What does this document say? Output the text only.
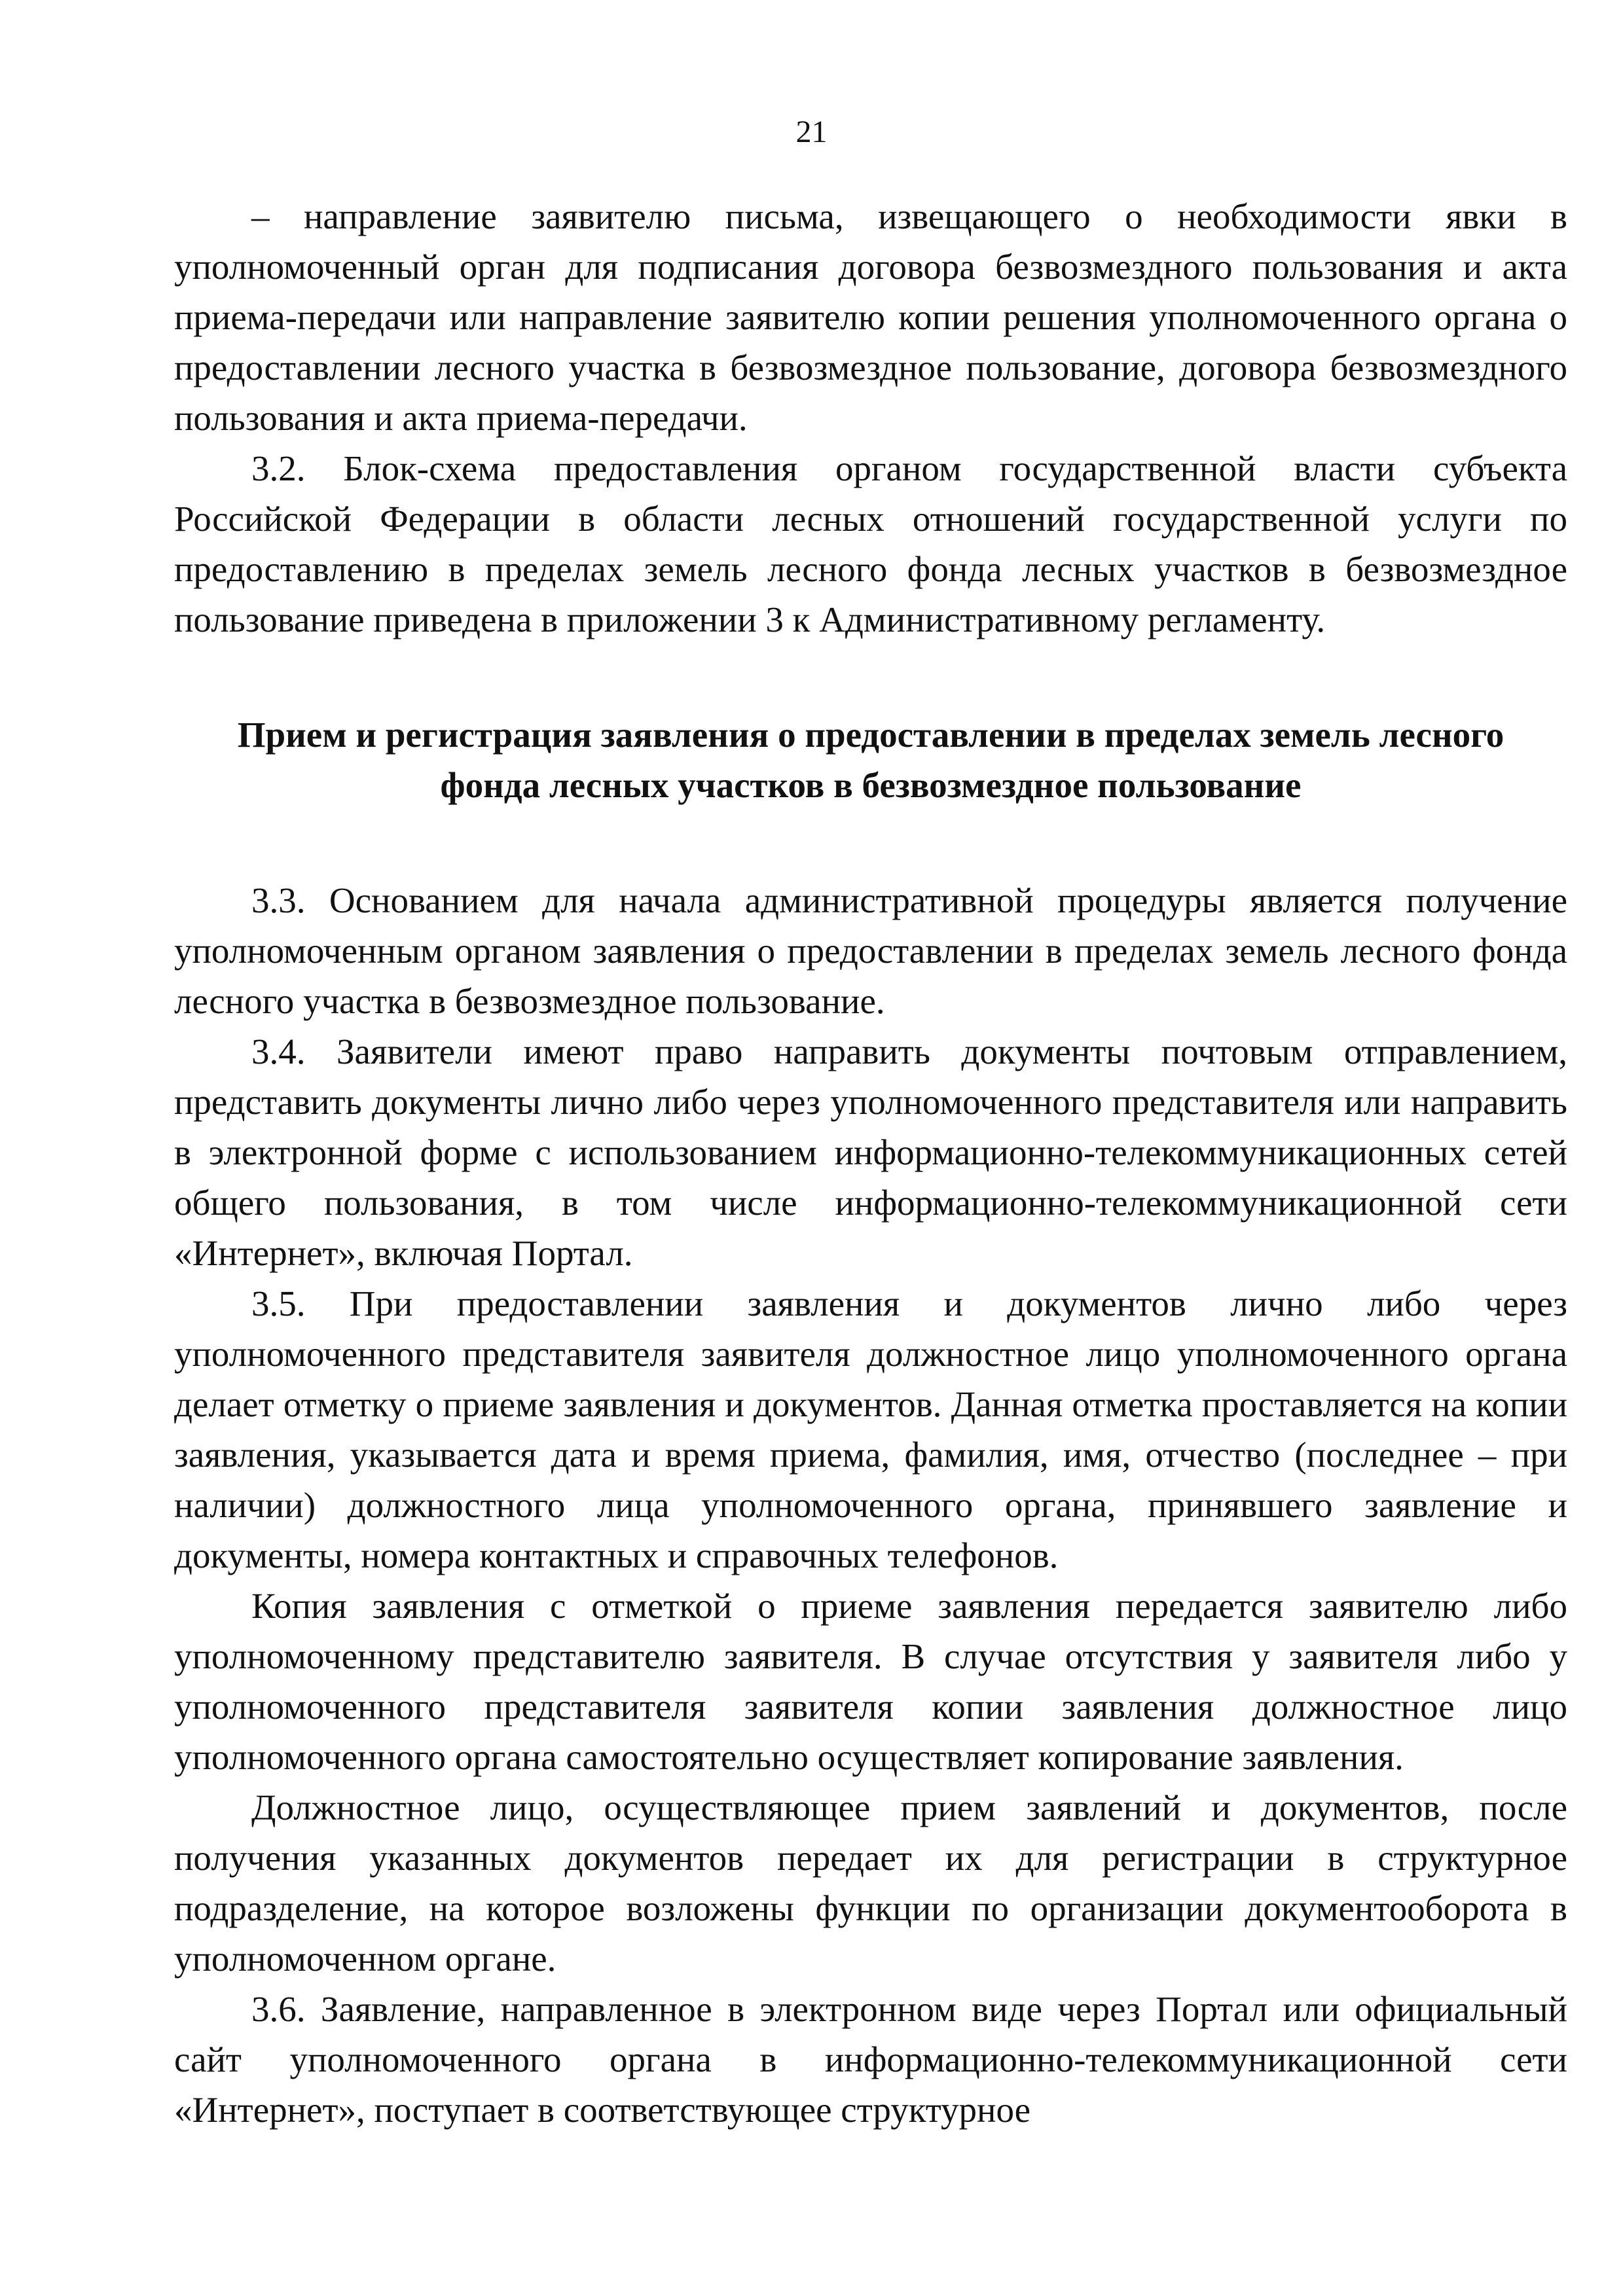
21

– направление заявителю письма, извещающего о необходимости явки в уполномоченный орган для подписания договора безвозмездного пользования и акта приема-передачи или направление заявителю копии решения уполномоченного органа о предоставлении лесного участка в безвозмездное пользование, договора безвозмездного пользования и акта приема-передачи.

3.2. Блок-схема предоставления органом государственной власти субъекта Российской Федерации в области лесных отношений государственной услуги по предоставлению в пределах земель лесного фонда лесных участков в безвозмездное пользование приведена в приложении 3 к Административному регламенту.

Прием и регистрация заявления о предоставлении в пределах земель лесного
фонда лесных участков в безвозмездное пользование

3.3. Основанием для начала административной процедуры является получение уполномоченным органом заявления о предоставлении в пределах земель лесного фонда лесного участка в безвозмездное пользование.

3.4. Заявители имеют право направить документы почтовым отправлением, представить документы лично либо через уполномоченного представителя или направить в электронной форме с использованием информационно-телекоммуникационных сетей общего пользования, в том числе информационно-телекоммуникационной сети «Интернет», включая Портал.

3.5. При предоставлении заявления и документов лично либо через уполномоченного представителя заявителя должностное лицо уполномоченного органа делает отметку о приеме заявления и документов. Данная отметка проставляется на копии заявления, указывается дата и время приема, фамилия, имя, отчество (последнее – при наличии) должностного лица уполномоченного органа, принявшего заявление и документы, номера контактных и справочных телефонов.

Копия заявления с отметкой о приеме заявления передается заявителю либо уполномоченному представителю заявителя. В случае отсутствия у заявителя либо у уполномоченного представителя заявителя копии заявления должностное лицо уполномоченного органа самостоятельно осуществляет копирование заявления.

Должностное лицо, осуществляющее прием заявлений и документов, после получения указанных документов передает их для регистрации в структурное подразделение, на которое возложены функции по организации документооборота в уполномоченном органе.

3.6. Заявление, направленное в электронном виде через Портал или официальный сайт уполномоченного органа в информационно-телекоммуникационной сети «Интернет», поступает в соответствующее структурное
